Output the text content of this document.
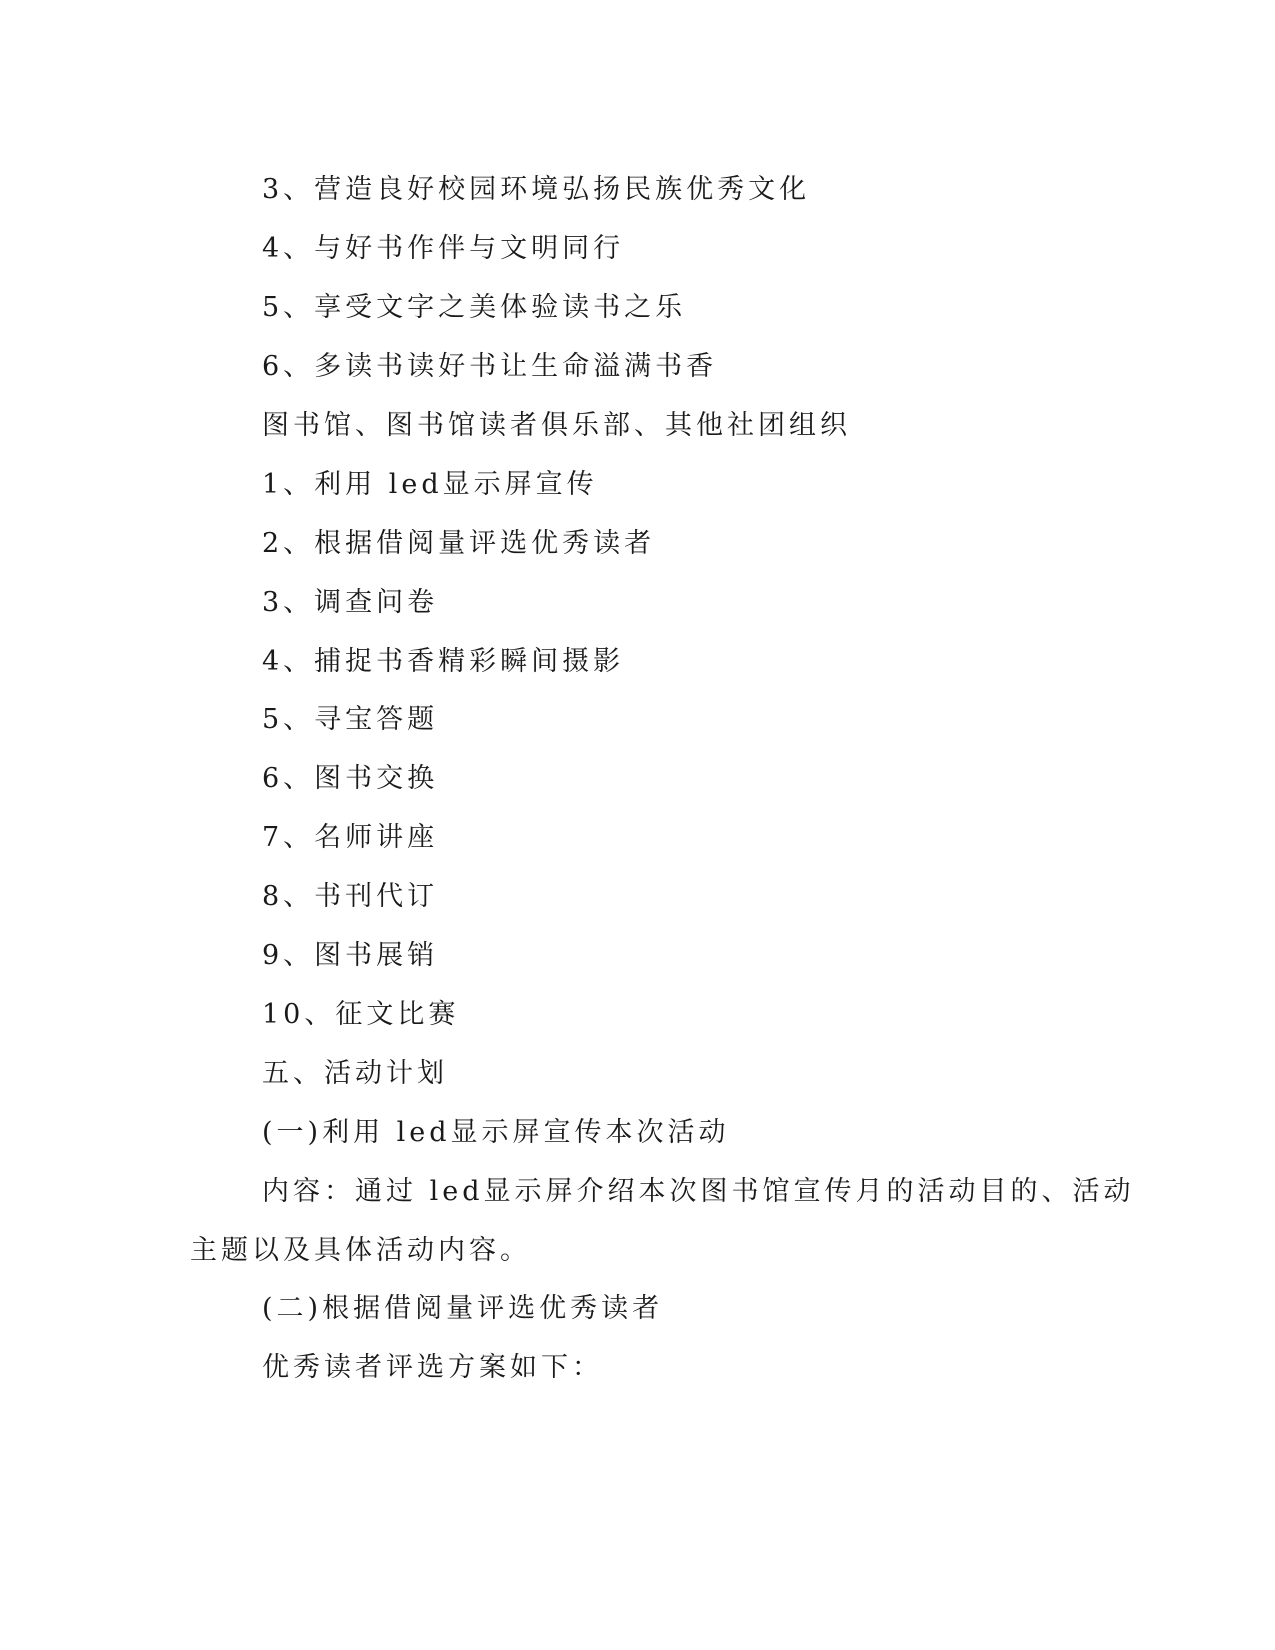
3、营造良好校园环境弘扬民族优秀文化
4、与好书作伴与文明同行
5、享受文字之美体验读书之乐
6、多读书读好书让生命溢满书香
图书馆、图书馆读者俱乐部、其他社团组织
1、利用 led显示屏宣传
2、根据借阅量评选优秀读者
3、调查问卷
4、捕捉书香精彩瞬间摄影
5、寻宝答题
6、图书交换
7、名师讲座
8、书刊代订
9、图书展销
10、征文比赛
五、活动计划
(一)利用 led显示屏宣传本次活动
内容：通过 led显示屏介绍本次图书馆宣传月的活动目的、活动
主题以及具体活动内容。
(二)根据借阅量评选优秀读者
优秀读者评选方案如下：
